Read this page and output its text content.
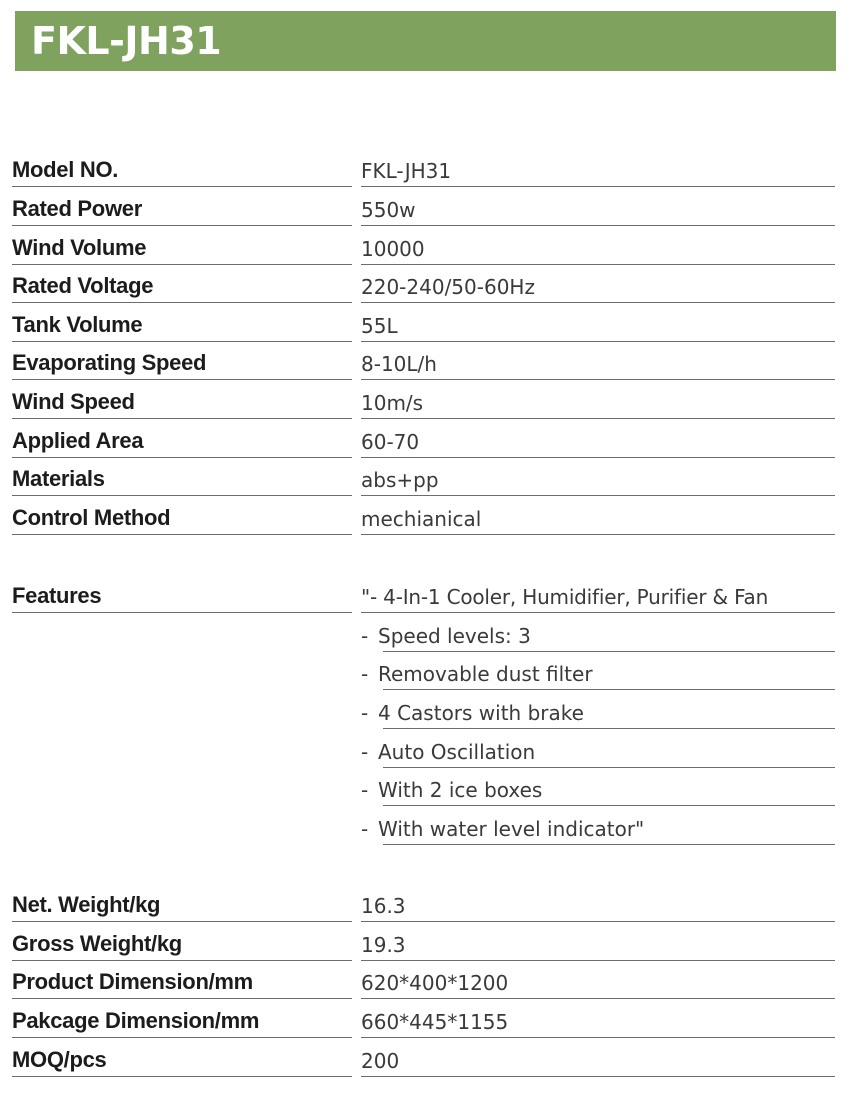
FKL-JH31
Model NO.	FKL-JH31
Rated Power	550w
Wind Volume	10000
Rated Voltage	220-240/50-60Hz
Tank Volume	55L
Evaporating Speed	8-10L/h
Wind Speed	10m/s
Applied Area	60-70
Materials	abs+pp
Control Method	mechianical
Features	"- 4-In-1 Cooler, Humidifier, Purifier & Fan
- Speed levels: 3
- Removable dust filter
- 4 Castors with brake
- Auto Oscillation
- With 2 ice boxes
- With water level indicator"
Net. Weight/kg	16.3
Gross Weight/kg	19.3
Product Dimension/mm	620*400*1200
Pakcage Dimension/mm	660*445*1155
MOQ/pcs	200
